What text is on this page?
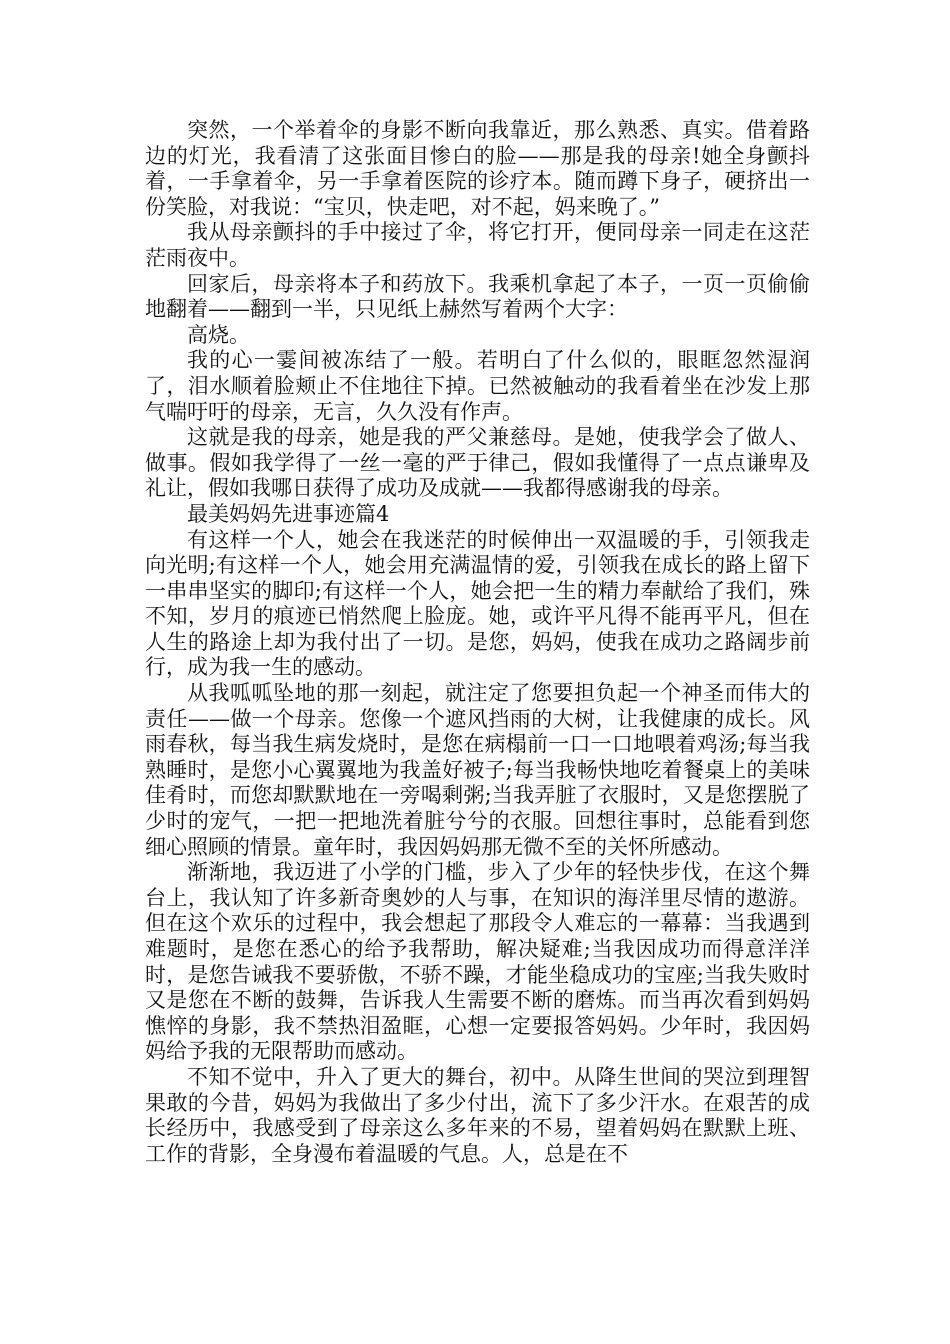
突然，一个举着伞的身影不断向我靠近，那么熟悉、真实。借着路边的灯光，我看清了这张面目惨白的脸——那是我的母亲!她全身颤抖着，一手拿着伞，另一手拿着医院的诊疗本。随而蹲下身子，硬挤出一份笑脸，对我说：“宝贝，快走吧，对不起，妈来晚了。”

我从母亲颤抖的手中接过了伞，将它打开，便同母亲一同走在这茫茫雨夜中。

回家后，母亲将本子和药放下。我乘机拿起了本子，一页一页偷偷地翻着——翻到一半，只见纸上赫然写着两个大字：

高烧。

我的心一霎间被冻结了一般。若明白了什么似的，眼眶忽然湿润了，泪水顺着脸颊止不住地往下掉。已然被触动的我看着坐在沙发上那气喘吁吁的母亲，无言，久久没有作声。

这就是我的母亲，她是我的严父兼慈母。是她，使我学会了做人、做事。假如我学得了一丝一毫的严于律己，假如我懂得了一点点谦卑及礼让，假如我哪日获得了成功及成就——我都得感谢我的母亲。

最美妈妈先进事迹篇4

有这样一个人，她会在我迷茫的时候伸出一双温暖的手，引领我走向光明;有这样一个人，她会用充满温情的爱，引领我在成长的路上留下一串串坚实的脚印;有这样一个人，她会把一生的精力奉献给了我们，殊不知，岁月的痕迹已悄然爬上脸庞。她，或许平凡得不能再平凡，但在人生的路途上却为我付出了一切。是您，妈妈，使我在成功之路阔步前行，成为我一生的感动。

从我呱呱坠地的那一刻起，就注定了您要担负起一个神圣而伟大的责任——做一个母亲。您像一个遮风挡雨的大树，让我健康的成长。风雨春秋，每当我生病发烧时，是您在病榻前一口一口地喂着鸡汤;每当我熟睡时，是您小心翼翼地为我盖好被子;每当我畅快地吃着餐桌上的美味佳肴时，而您却默默地在一旁喝剩粥;当我弄脏了衣服时，又是您摆脱了少时的宠气，一把一把地洗着脏兮兮的衣服。回想往事时，总能看到您细心照顾的情景。童年时，我因妈妈那无微不至的关怀所感动。

渐渐地，我迈进了小学的门槛，步入了少年的轻快步伐，在这个舞台上，我认知了许多新奇奥妙的人与事，在知识的海洋里尽情的遨游。但在这个欢乐的过程中，我会想起了那段令人难忘的一幕幕：当我遇到难题时，是您在悉心的给予我帮助，解决疑难;当我因成功而得意洋洋时，是您告诫我不要骄傲，不骄不躁，才能坐稳成功的宝座;当我失败时又是您在不断的鼓舞，告诉我人生需要不断的磨炼。而当再次看到妈妈憔悴的身影，我不禁热泪盈眶，心想一定要报答妈妈。少年时，我因妈妈给予我的无限帮助而感动。

不知不觉中，升入了更大的舞台，初中。从降生世间的哭泣到理智果敢的今昔，妈妈为我做出了多少付出，流下了多少汗水。在艰苦的成长经历中，我感受到了母亲这么多年来的不易，望着妈妈在默默上班、工作的背影，全身漫布着温暖的气息。人，总是在不
